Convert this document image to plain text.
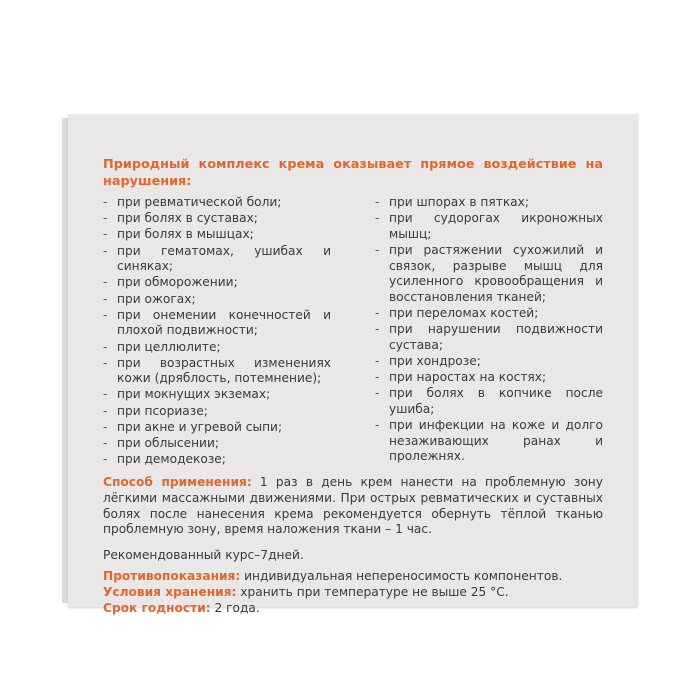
Природный комплекс крема оказывает прямое воздействие на нарушения:

- при ревматической боли;
- при болях в суставах;
- при болях в мышцах;
- при гематомах, ушибах и синяках;
- при обморожении;
- при ожогах;
- при онемении конечностей и плохой подвижности;
- при целлюлите;
- при возрастных изменениях кожи (дряблость, потемнение);
- при мокнущих экземах;
- при псориазе;
- при акне и угревой сыпи;
- при облысении;
- при демодекозе;
- при шпорах в пятках;
- при судорогах икроножных мышц;
- при растяжении сухожилий и связок, разрыве мышц для усиленного кровообращения и восстановления тканей;
- при переломах костей;
- при нарушении подвижности сустава;
- при хондрозе;
- при наростах на костях;
- при болях в копчике после ушиба;
- при инфекции на коже и долго незаживающих ранах и пролежнях.

Способ применения: 1 раз в день крем нанести на проблемную зону лёгкими массажными движениями. При острых ревматических и суставных болях после нанесения крема рекомендуется обернуть тёплой тканью проблемную зону, время наложения ткани – 1 час.

Рекомендованный курс–7дней.

Противопоказания: индивидуальная непереносимость компонентов.

Условия хранения: хранить при температуре не выше 25 °С.

Срок годности: 2 года.
